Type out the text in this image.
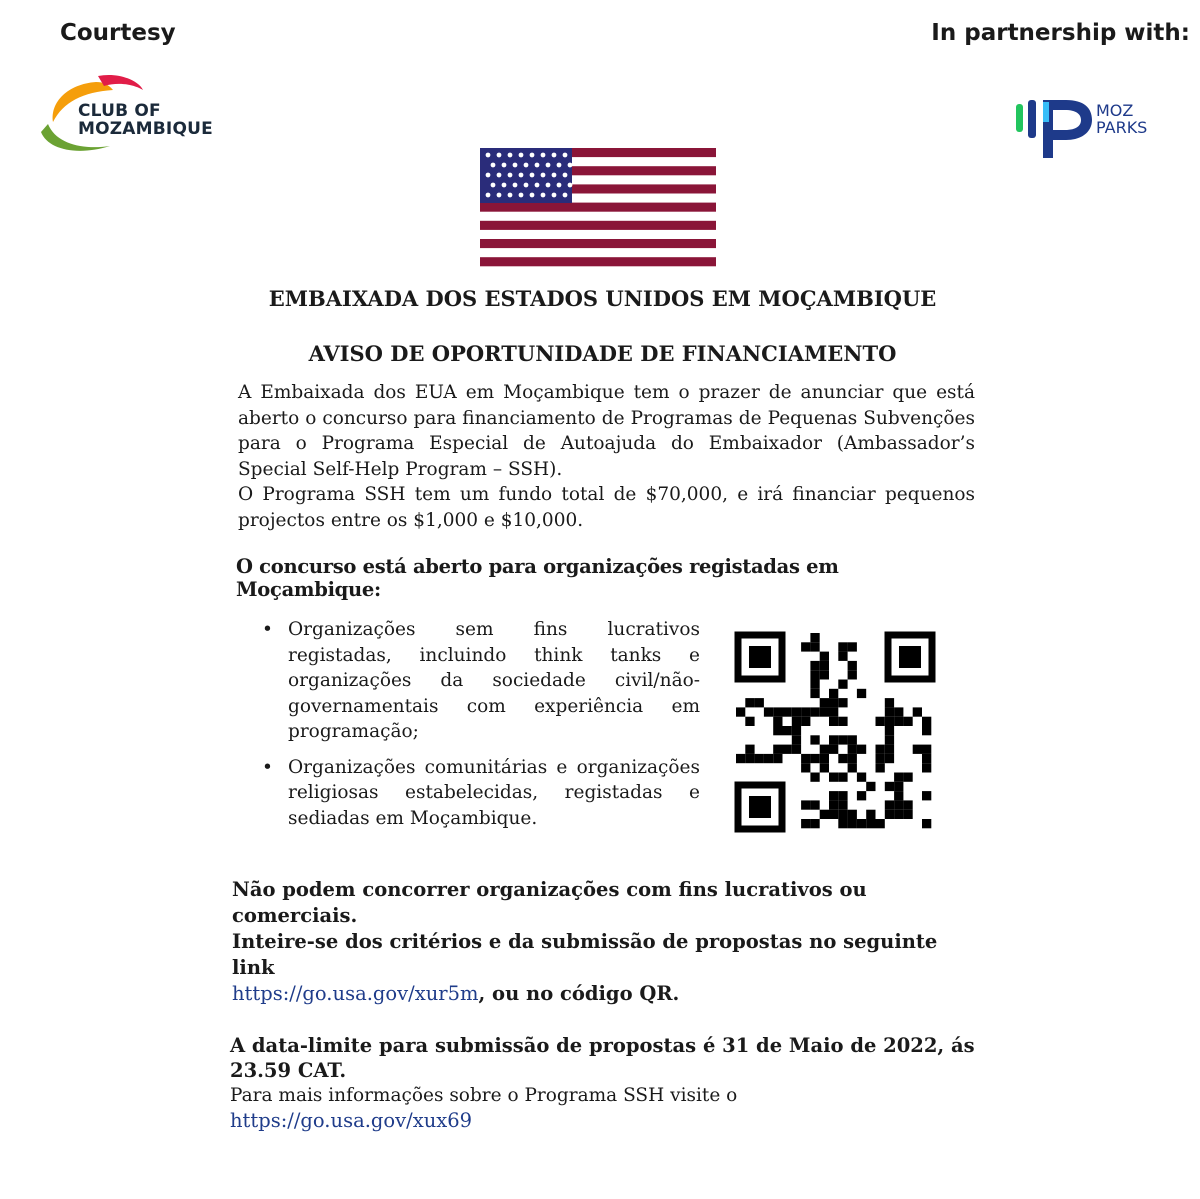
Courtesy	In partnership with:
CLUB OF
MOZAMBIQUE
MOZ
PARKS
EMBAIXADA DOS ESTADOS UNIDOS EM MOÇAMBIQUE
AVISO DE OPORTUNIDADE DE FINANCIAMENTO

A Embaixada dos EUA em Moçambique tem o prazer de anunciar que está aberto o concurso para financiamento de Programas de Pequenas Subvenções para o Programa Especial de Autoajuda do Embaixador (Ambassador’s Special Self-Help Program – SSH).

O Programa SSH tem um fundo total de $70,000, e irá financiar pequenos projectos entre os $1,000 e $10,000.

O concurso está aberto para organizações registadas em Moçambique:
• Organizações sem fins lucrativos registadas, incluindo think tanks e organizações da sociedade civil/não-governamentais com experiência em programação;
• Organizações comunitárias e organizações religiosas estabelecidas, registadas e sediadas em Moçambique.

Não podem concorrer organizações com fins lucrativos ou comerciais.

Inteire-se dos critérios e da submissão de propostas no seguinte link

https://go.usa.gov/xur5m, ou no código QR.

A data-limite para submissão de propostas é 31 de Maio de 2022, ás 23.59 CAT.

Para mais informações sobre o Programa SSH visite o

https://go.usa.gov/xux69
